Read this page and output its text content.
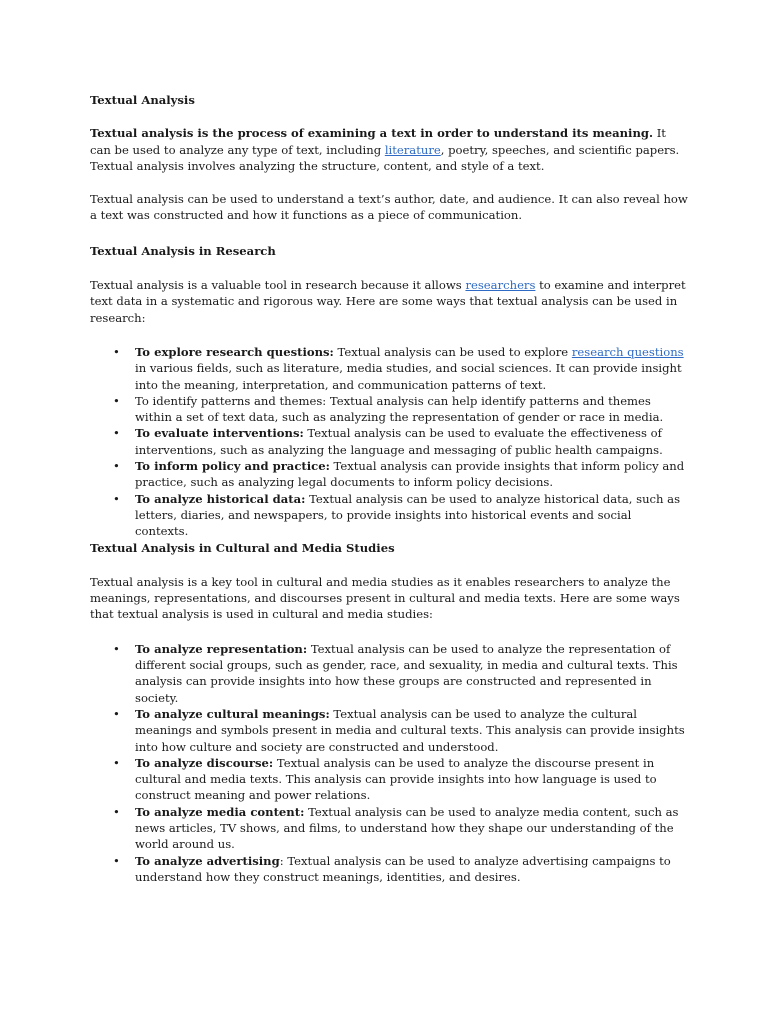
Textual Analysis

Textual analysis is the process of examining a text in order to understand its meaning. It can be used to analyze any type of text, including literature, poetry, speeches, and scientific papers. Textual analysis involves analyzing the structure, content, and style of a text.

Textual analysis can be used to understand a text’s author, date, and audience. It can also reveal how a text was constructed and how it functions as a piece of communication.

Textual Analysis in Research

Textual analysis is a valuable tool in research because it allows researchers to examine and interpret text data in a systematic and rigorous way. Here are some ways that textual analysis can be used in research:

• To explore research questions: Textual analysis can be used to explore research questions in various fields, such as literature, media studies, and social sciences. It can provide insight into the meaning, interpretation, and communication patterns of text.
• To identify patterns and themes: Textual analysis can help identify patterns and themes within a set of text data, such as analyzing the representation of gender or race in media.
• To evaluate interventions: Textual analysis can be used to evaluate the effectiveness of interventions, such as analyzing the language and messaging of public health campaigns.
• To inform policy and practice: Textual analysis can provide insights that inform policy and practice, such as analyzing legal documents to inform policy decisions.
• To analyze historical data: Textual analysis can be used to analyze historical data, such as letters, diaries, and newspapers, to provide insights into historical events and social contexts.
Textual Analysis in Cultural and Media Studies

Textual analysis is a key tool in cultural and media studies as it enables researchers to analyze the meanings, representations, and discourses present in cultural and media texts. Here are some ways that textual analysis is used in cultural and media studies:

• To analyze representation: Textual analysis can be used to analyze the representation of different social groups, such as gender, race, and sexuality, in media and cultural texts. This analysis can provide insights into how these groups are constructed and represented in society.
• To analyze cultural meanings: Textual analysis can be used to analyze the cultural meanings and symbols present in media and cultural texts. This analysis can provide insights into how culture and society are constructed and understood.
• To analyze discourse: Textual analysis can be used to analyze the discourse present in cultural and media texts. This analysis can provide insights into how language is used to construct meaning and power relations.
• To analyze media content: Textual analysis can be used to analyze media content, such as news articles, TV shows, and films, to understand how they shape our understanding of the world around us.
• To analyze advertising: Textual analysis can be used to analyze advertising campaigns to understand how they construct meanings, identities, and desires.
